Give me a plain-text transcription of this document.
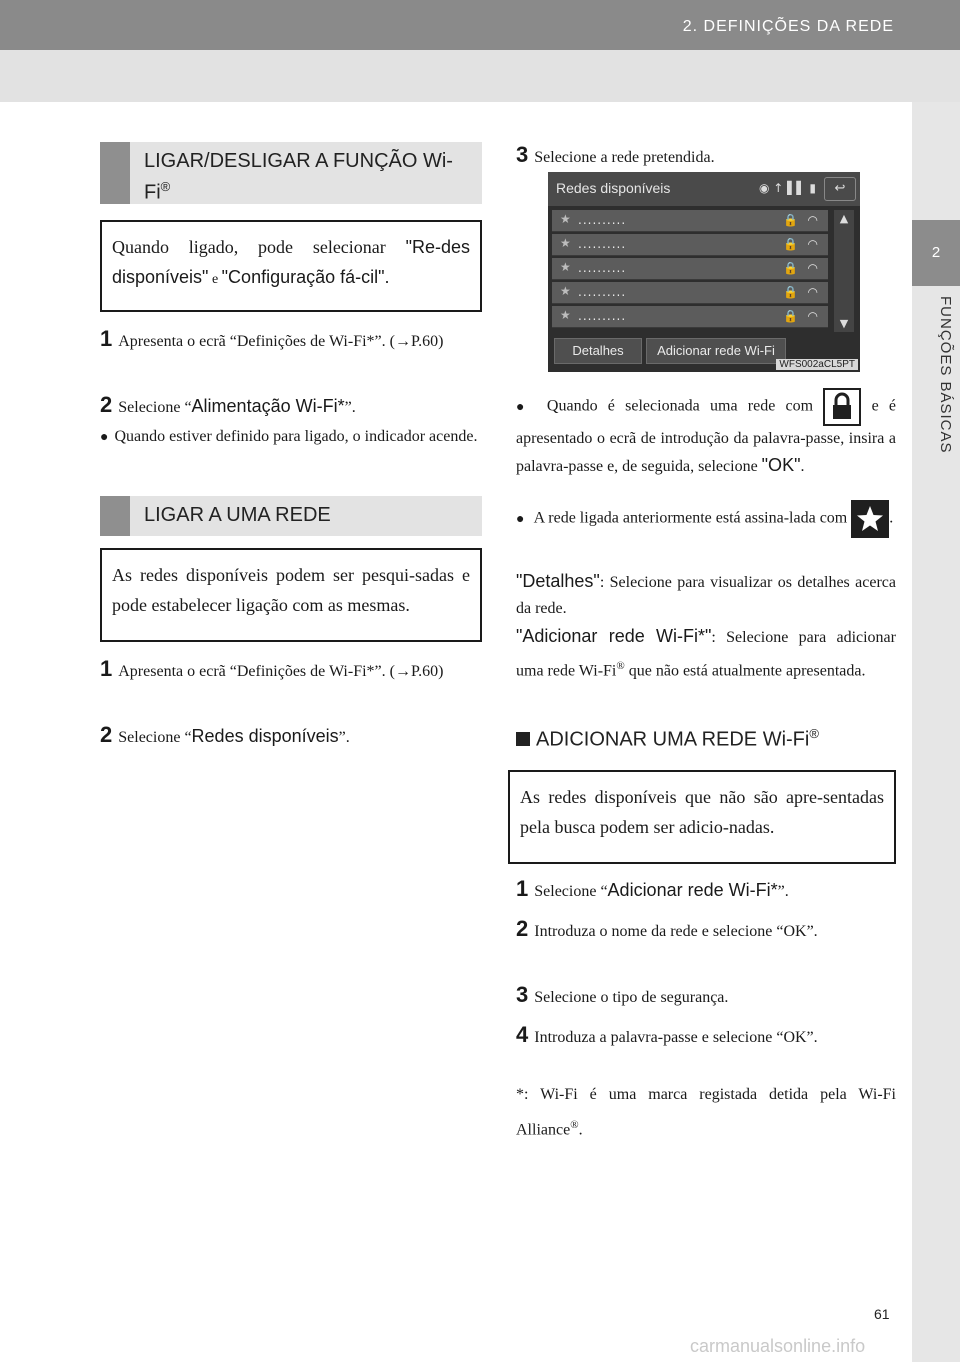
2. DEFINIÇÕES DA REDE
2
FUNÇÕES BÁSICAS
LIGAR/DESLIGAR A FUNÇÃO Wi-Fi®
Quando ligado, pode selecionar "Re-des disponíveis" e "Configuração fá-cil".
1 Apresenta o ecrã “Definições de Wi-Fi*”. (→P.60)
2 Selecione “Alimentação Wi-Fi*”.
● Quando estiver definido para ligado, o indicador acende.
LIGAR A UMA REDE
As redes disponíveis podem ser pesqui-sadas e pode estabelecer ligação com as mesmas.
1 Apresenta o ecrã “Definições de Wi-Fi*”. (→P.60)
2 Selecione “Redes disponíveis”.
3 Selecione a rede pretendida.
Redes disponíveis	◉ ↑ ▌▌ ▮	↩
★ ..........	🔒 ◠
★ ..........	🔒 ◠
★ ..........	🔒 ◠
★ ..........	🔒 ◠
★ ..........	🔒 ◠
▲
▼
Detalhes	Adicionar rede Wi-Fi
WFS002aCL5PT
● Quando é selecionada uma rede com	e é apresentado o ecrã de introdução da palavra-passe, insira a palavra-passe e, de seguida, selecione "OK".
● A rede ligada anteriormente está assina-lada com	.
"Detalhes": Selecione para visualizar os detalhes acerca da rede.
"Adicionar rede Wi-Fi*": Selecione para adicionar uma rede Wi-Fi® que não está atualmente apresentada.
ADICIONAR UMA REDE Wi-Fi®
As redes disponíveis que não são apre-sentadas pela busca podem ser adicio-nadas.
1 Selecione “Adicionar rede Wi-Fi*”.
2 Introduza o nome da rede e selecione “OK”.
3 Selecione o tipo de segurança.
4 Introduza a palavra-passe e selecione “OK”.
*: Wi-Fi é uma marca registada detida pela Wi-Fi Alliance®.
61
carmanualsonline.info
